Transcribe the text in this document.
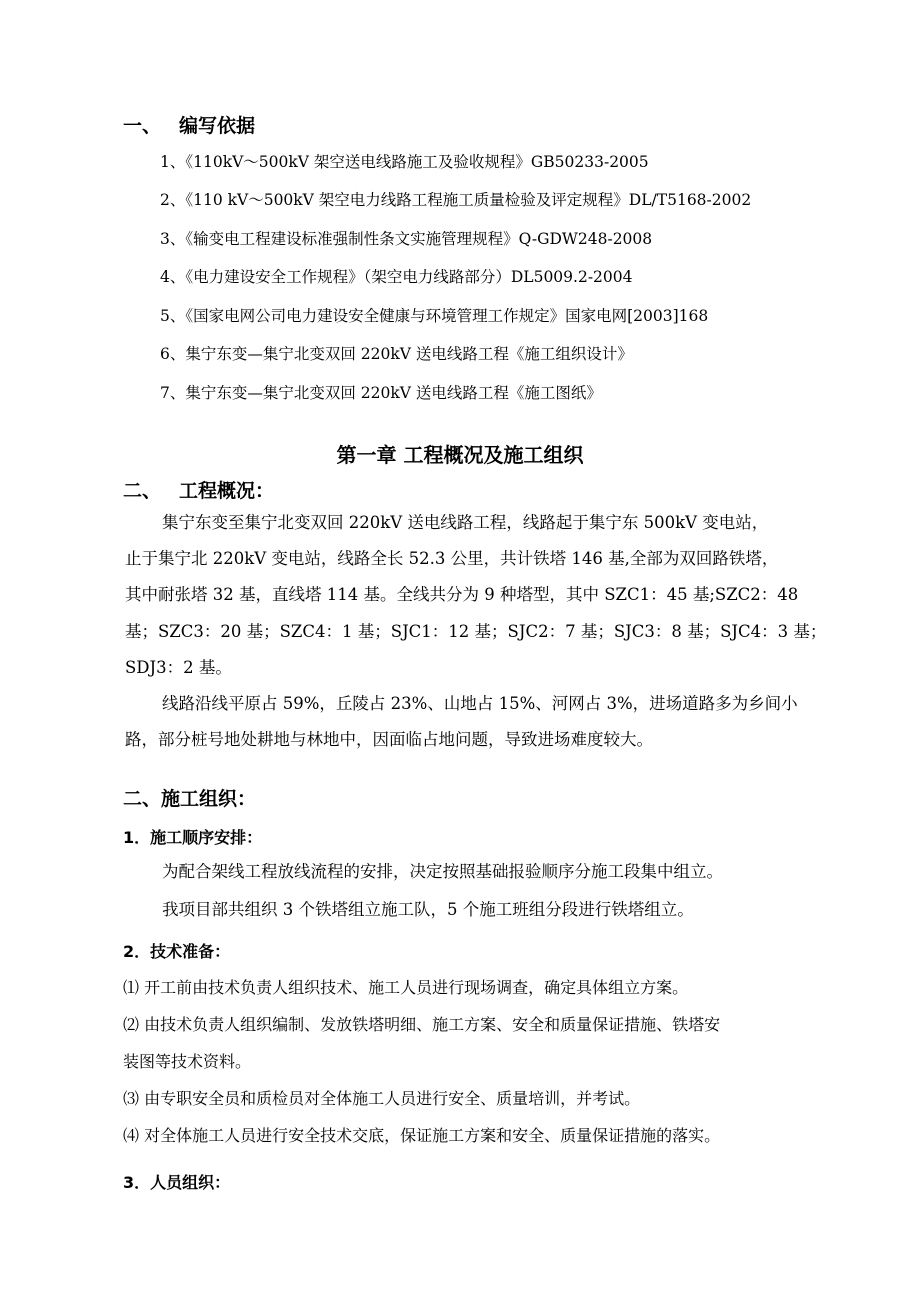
一、 编写依据
1、《110kV～500kV 架空送电线路施工及验收规程》GB50233-2005
2、《110 kV～500kV 架空电力线路工程施工质量检验及评定规程》DL/T5168-2002
3、《输变电工程建设标准强制性条文实施管理规程》Q-GDW248-2008
4、《电力建设安全工作规程》（架空电力线路部分）DL5009.2-2004
5、《国家电网公司电力建设安全健康与环境管理工作规定》国家电网[2003]168
6、集宁东变—集宁北变双回 220kV 送电线路工程《施工组织设计》
7、集宁东变—集宁北变双回 220kV 送电线路工程《施工图纸》
第一章 工程概况及施工组织
二、 工程概况：

集宁东变至集宁北变双回 220kV 送电线路工程，线路起于集宁东 500kV 变电站，

止于集宁北 220kV 变电站，线路全长 52.3 公里，共计铁塔 146 基,全部为双回路铁塔，

其中耐张塔 32 基，直线塔 114 基。全线共分为 9 种塔型，其中 SZC1：45 基;SZC2：48

基；SZC3：20 基；SZC4：1 基；SJC1：12 基；SJC2：7 基；SJC3：8 基；SJC4：3 基；

SDJ3：2 基。

线路沿线平原占 59%，丘陵占 23%、山地占 15%、河网占 3%，进场道路多为乡间小

路，部分桩号地处耕地与林地中，因面临占地问题，导致进场难度较大。

二、施工组织：
1．施工顺序安排：

为配合架线工程放线流程的安排，决定按照基础报验顺序分施工段集中组立。

我项目部共组织 3 个铁塔组立施工队，5 个施工班组分段进行铁塔组立。

2．技术准备：

⑴ 开工前由技术负责人组织技术、施工人员进行现场调查，确定具体组立方案。

⑵ 由技术负责人组织编制、发放铁塔明细、施工方案、安全和质量保证措施、铁塔安

装图等技术资料。

⑶ 由专职安全员和质检员对全体施工人员进行安全、质量培训，并考试。

⑷ 对全体施工人员进行安全技术交底，保证施工方案和安全、质量保证措施的落实。

3．人员组织：
